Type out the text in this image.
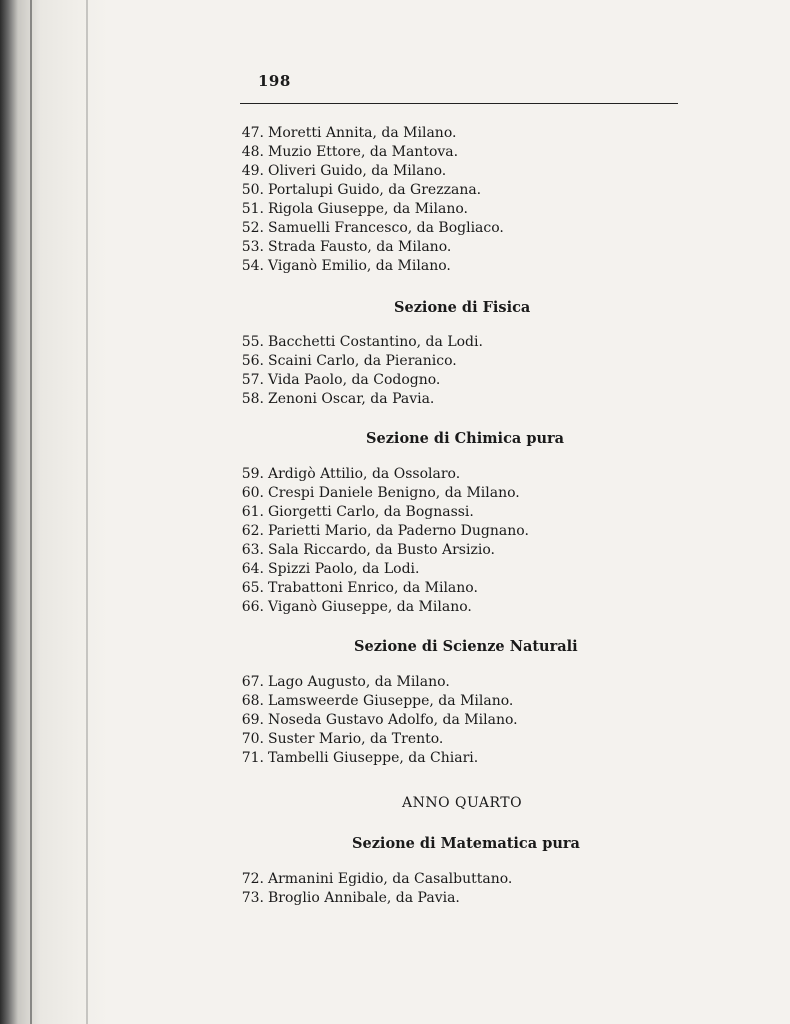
198
47. Moretti Annita, da Milano.
48. Muzio Ettore, da Mantova.
49. Oliveri Guido, da Milano.
50. Portalupi Guido, da Grezzana.
51. Rigola Giuseppe, da Milano.
52. Samuelli Francesco, da Bogliaco.
53. Strada Fausto, da Milano.
54. Viganò Emilio, da Milano.
Sezione di Fisica
55. Bacchetti Costantino, da Lodi.
56. Scaini Carlo, da Pieranico.
57. Vida Paolo, da Codogno.
58. Zenoni Oscar, da Pavia.
Sezione di Chimica pura
59. Ardigò Attilio, da Ossolaro.
60. Crespi Daniele Benigno, da Milano.
61. Giorgetti Carlo, da Bognassi.
62. Parietti Mario, da Paderno Dugnano.
63. Sala Riccardo, da Busto Arsizio.
64. Spizzi Paolo, da Lodi.
65. Trabattoni Enrico, da Milano.
66. Viganò Giuseppe, da Milano.
Sezione di Scienze Naturali
67. Lago Augusto, da Milano.
68. Lamsweerde Giuseppe, da Milano.
69. Noseda Gustavo Adolfo, da Milano.
70. Suster Mario, da Trento.
71. Tambelli Giuseppe, da Chiari.
ANNO QUARTO
Sezione di Matematica pura
72. Armanini Egidio, da Casalbuttano.
73. Broglio Annibale, da Pavia.
